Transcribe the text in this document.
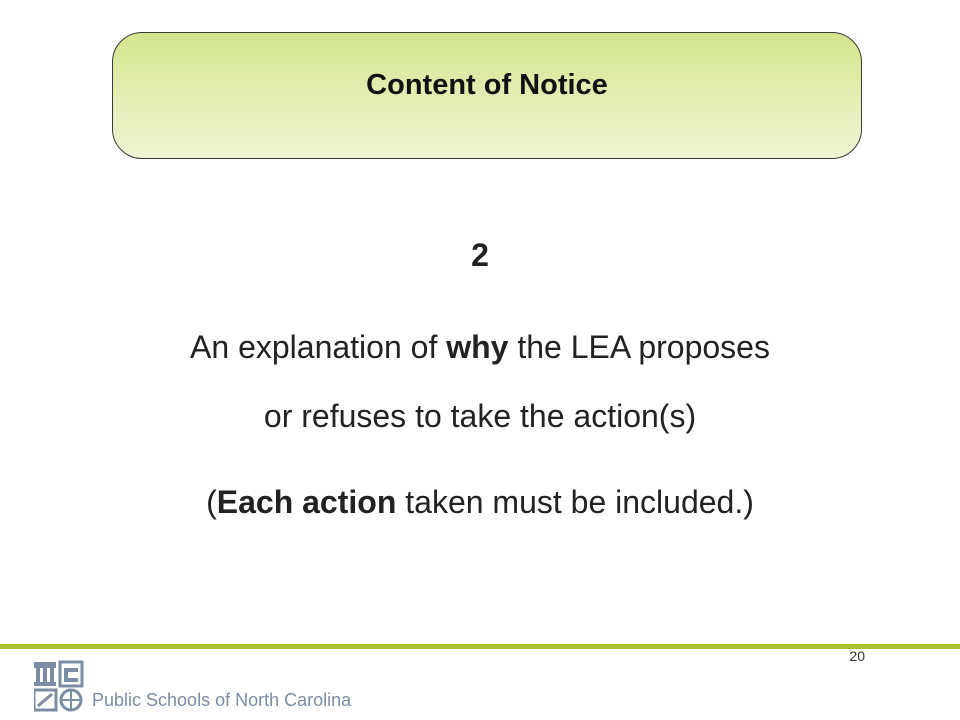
Content of Notice

2

An explanation of why the LEA proposes

or refuses to take the action(s)

(Each action taken must be included.)

20
Public Schools of North Carolina
